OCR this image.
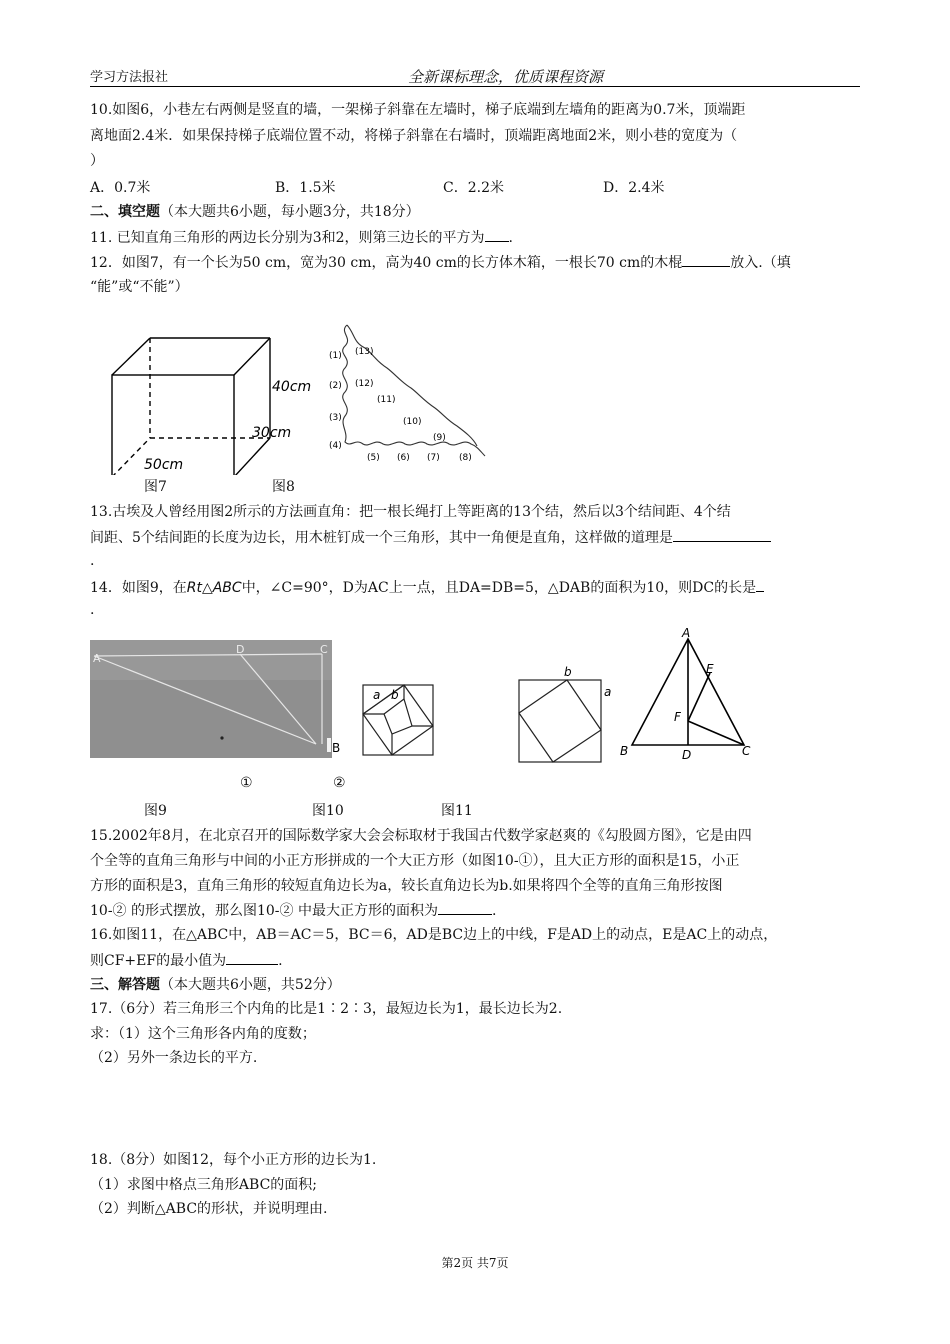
学习方法报社	全新课标理念，优质课程资源
10.如图6，小巷左右两侧是竖直的墙，一架梯子斜靠在左墙时，梯子底端到左墙角的距离为0.7米，顶端距
离地面2.4米．如果保持梯子底端位置不动，将梯子斜靠在右墙时，顶端距离地面2米，则小巷的宽度为（
）
A．0.7米	B．1.5米	C．2.2米	D．2.4米
二、填空题（本大题共6小题，每小题3分，共18分）
11. 已知直角三角形的两边长分别为3和2，则第三边长的平方为 .
12．如图7，有一个长为50 cm，宽为30 cm，高为40 cm的长方体木箱，一根长70 cm的木棍	放入.（填
“能”或“不能”）
40cm
30cm
50cm
图7
(1)
(2)
(3)
(4)
(5) (6) (7) (8)
(9)
(10)
(11)
(12)
(13)
图8
13.古埃及人曾经用图2所示的方法画直角：把一根长绳打上等距离的13个结，然后以3个结间距、4个结
间距、5个结间距的长度为边长，用木桩钉成一个三角形，其中一角便是直角，这样做的道理是
.
14．如图9，在Rt△ABC中，∠C=90°，D为AC上一点，且DA=DB=5，△DAB的面积为10，则DC的长是
.
A
D	C
B
a b
b
a
A
B	C
D
E
F
①	②
图9	图10	图11
15.2002年8月，在北京召开的国际数学家大会会标取材于我国古代数学家赵爽的《勾股圆方图》，它是由四
个全等的直角三角形与中间的小正方形拼成的一个大正方形（如图10-①），且大正方形的面积是15，小正
方形的面积是3，直角三角形的较短直角边长为a，较长直角边长为b.如果将四个全等的直角三角形按图
10-② 的形式摆放，那么图10-② 中最大正方形的面积为	.
16.如图11，在△ABC中，AB＝AC＝5，BC＝6，AD是BC边上的中线，F是AD上的动点，E是AC上的动点，
则CF+EF的最小值为	.
三、解答题（本大题共6小题，共52分）
17.（6分）若三角形三个内角的比是1∶2∶3，最短边长为1，最长边长为2.
求：（1）这个三角形各内角的度数；
（2）另外一条边长的平方.
18.（8分）如图12，每个小正方形的边长为1.
（1）求图中格点三角形ABC的面积;
（2）判断△ABC的形状，并说明理由.
第2页 共7页
